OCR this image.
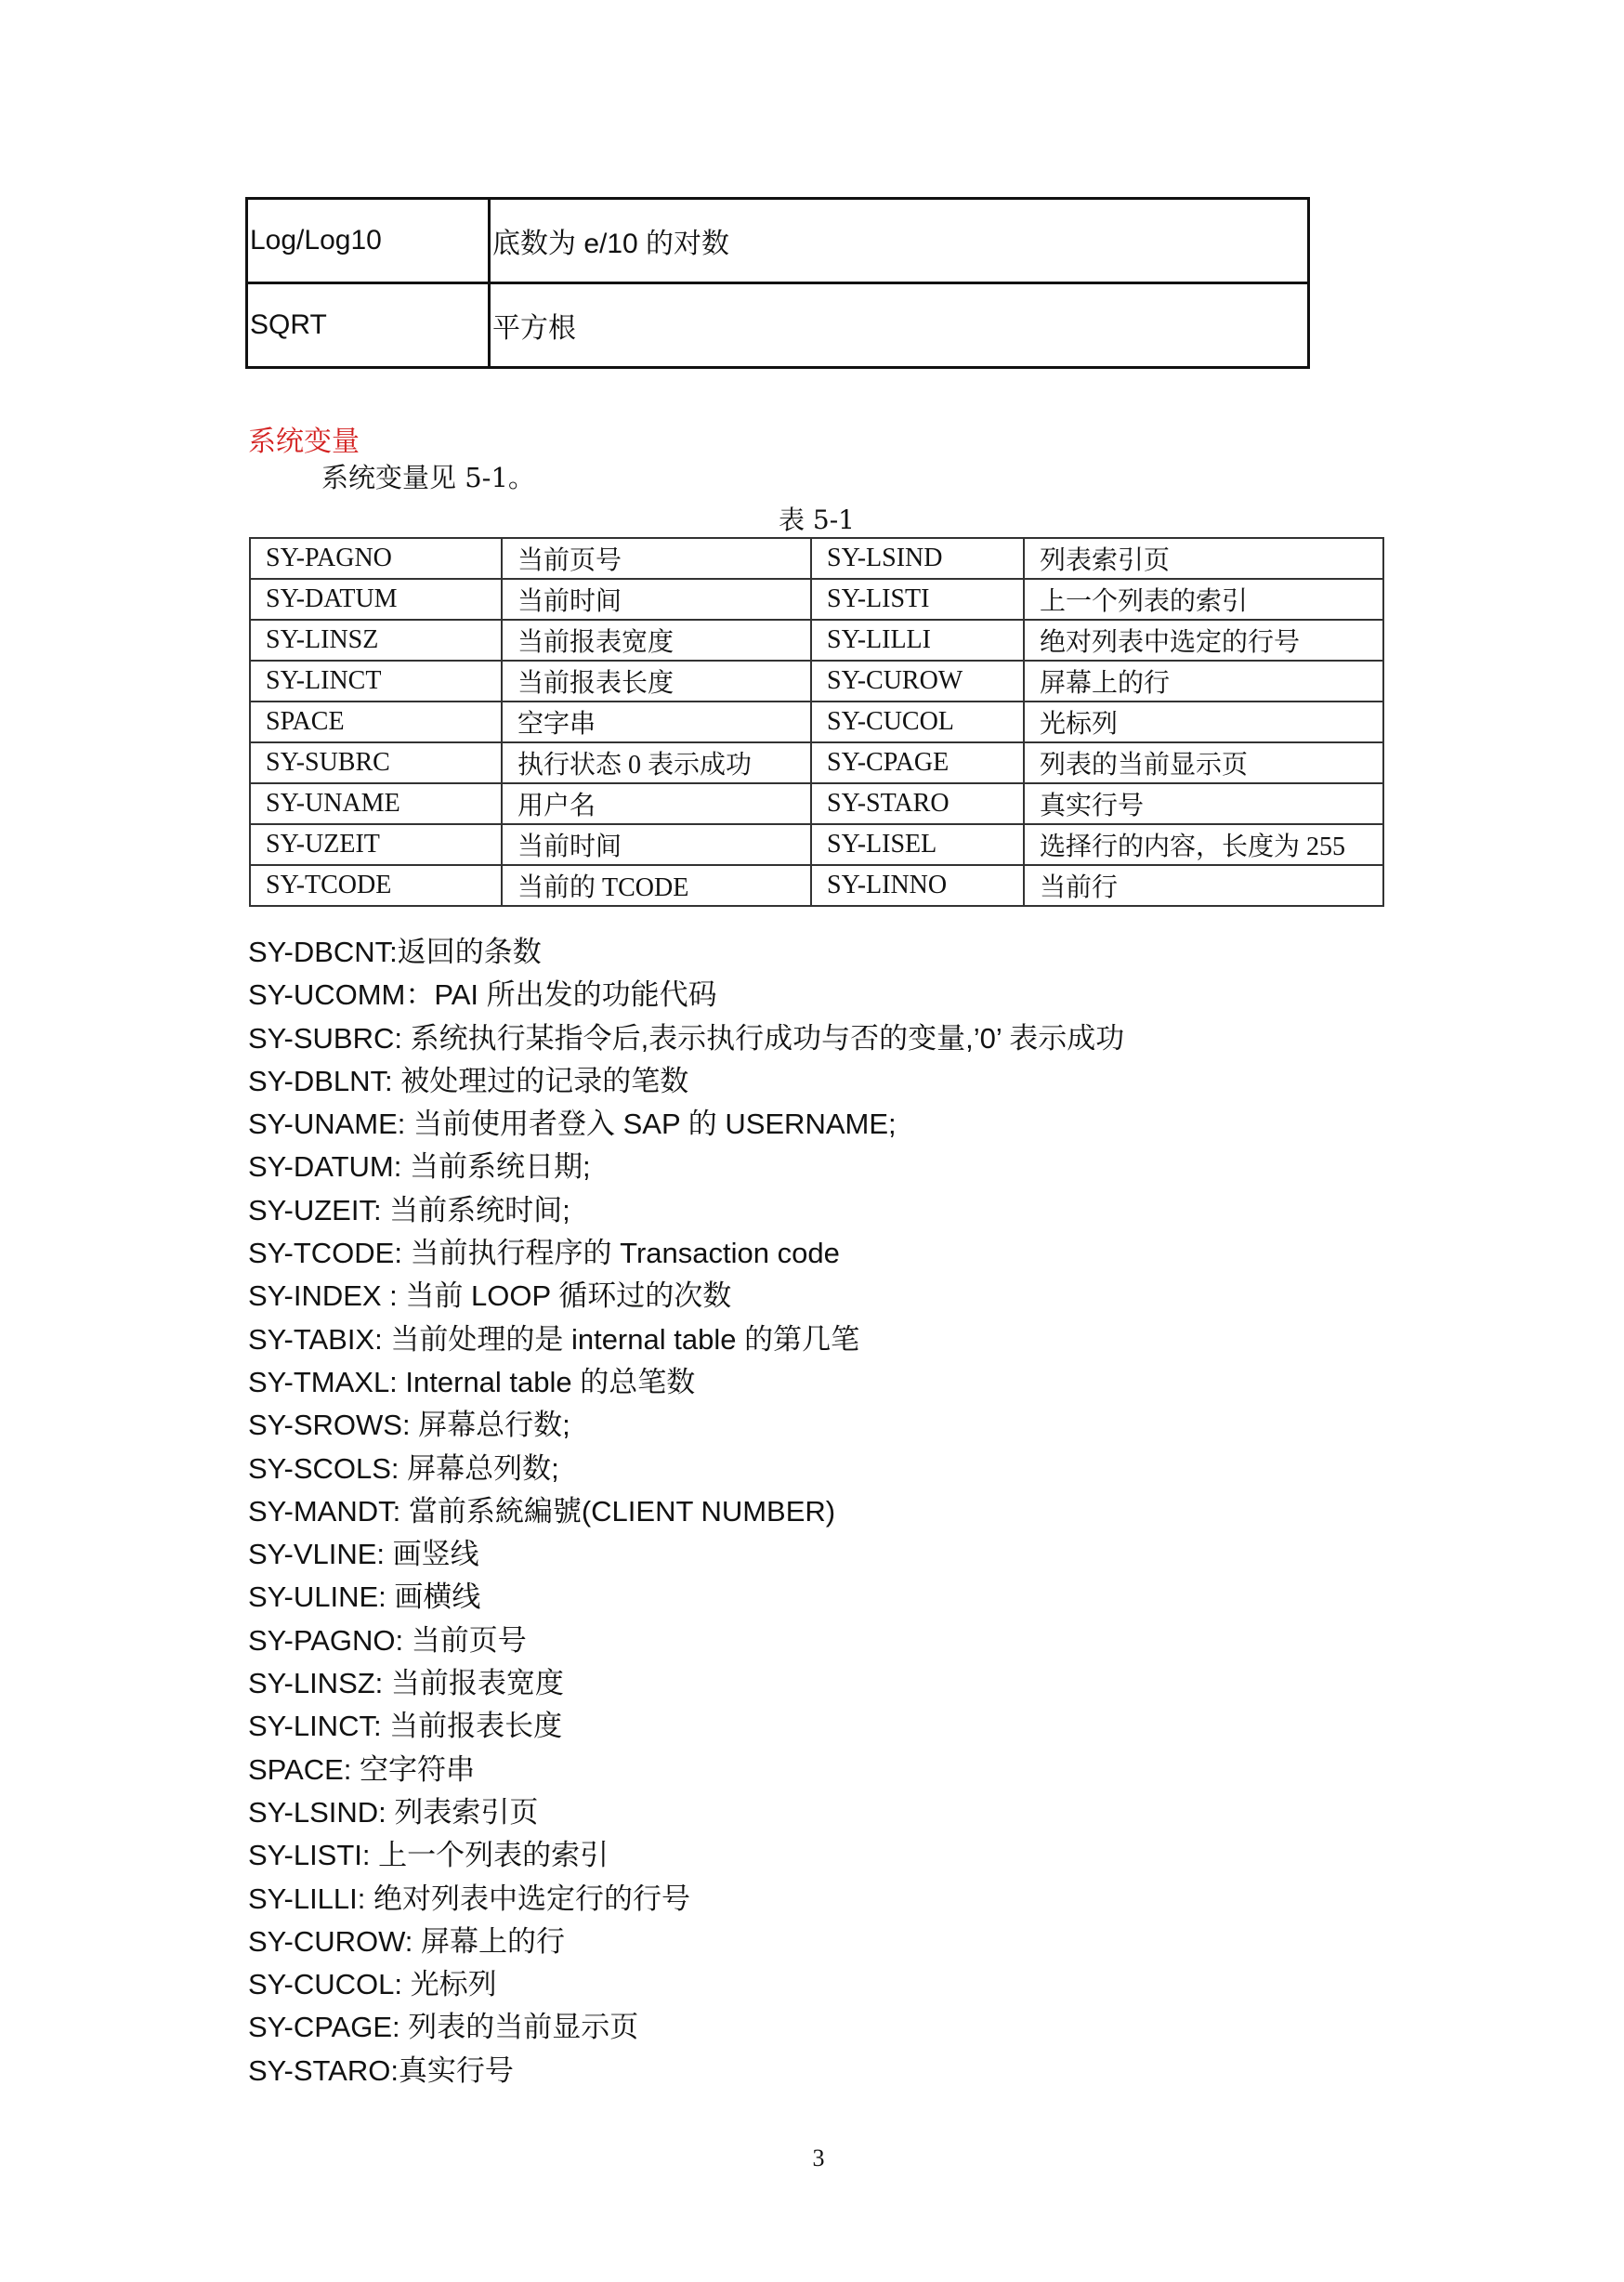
Log/Log10	底数为 e/10 的对数
SQRT	平方根
系统变量
系统变量见 5-1。
表 5-1
SY-PAGNO	当前页号	SY-LSIND	列表索引页
SY-DATUM	当前时间	SY-LISTI	上一个列表的索引
SY-LINSZ	当前报表宽度	SY-LILLI	绝对列表中选定的行号
SY-LINCT	当前报表长度	SY-CUROW	屏幕上的行
SPACE	空字串	SY-CUCOL	光标列
SY-SUBRC	执行状态 0 表示成功	SY-CPAGE	列表的当前显示页
SY-UNAME	用户名	SY-STARO	真实行号
SY-UZEIT	当前时间	SY-LISEL	选择行的内容，长度为 255
SY-TCODE	当前的 TCODE	SY-LINNO	当前行
SY-DBCNT:返回的条数
SY-UCOMM：PAI 所出发的功能代码
SY-SUBRC: 系统执行某指令后,表示执行成功与否的变量,’0’ 表示成功
SY-DBLNT: 被处理过的记录的笔数
SY-UNAME: 当前使用者登入 SAP 的 USERNAME;
SY-DATUM: 当前系统日期;
SY-UZEIT: 当前系统时间;
SY-TCODE: 当前执行程序的 Transaction code
SY-INDEX : 当前 LOOP 循环过的次数
SY-TABIX: 当前处理的是 internal table 的第几笔
SY-TMAXL: Internal table 的总笔数
SY-SROWS: 屏幕总行数;
SY-SCOLS: 屏幕总列数;
SY-MANDT: 當前系統編號(CLIENT NUMBER)
SY-VLINE: 画竖线
SY-ULINE: 画横线
SY-PAGNO: 当前页号
SY-LINSZ: 当前报表宽度
SY-LINCT: 当前报表长度
SPACE: 空字符串
SY-LSIND: 列表索引页
SY-LISTI: 上一个列表的索引
SY-LILLI: 绝对列表中选定行的行号
SY-CUROW: 屏幕上的行
SY-CUCOL: 光标列
SY-CPAGE: 列表的当前显示页
SY-STARO:真实行号
3
